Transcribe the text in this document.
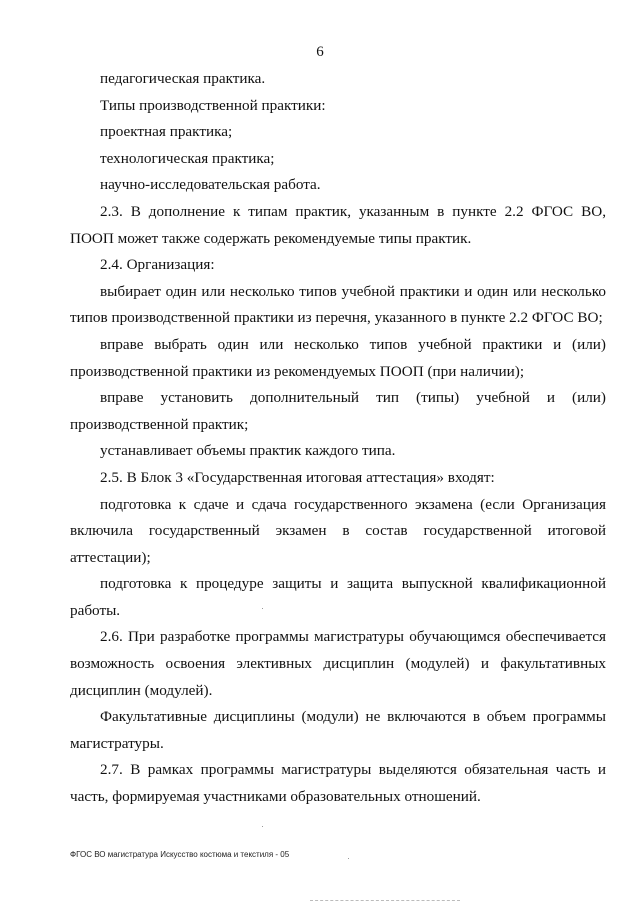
6

педагогическая практика.

Типы производственной практики:

проектная практика;

технологическая практика;

научно-исследовательская работа.

2.3. В дополнение к типам практик, указанным в пункте 2.2 ФГОС ВО, ПООП может также содержать рекомендуемые типы практик.

2.4. Организация:

выбирает один или несколько типов учебной практики и один или несколько типов производственной практики из перечня, указанного в пункте 2.2 ФГОС ВО;

вправе выбрать один или несколько типов учебной практики и (или) производственной практики из рекомендуемых ПООП (при наличии);

вправе установить дополнительный тип (типы) учебной и (или) производственной практик;

устанавливает объемы практик каждого типа.

2.5. В Блок 3 «Государственная итоговая аттестация» входят:

подготовка к сдаче и сдача государственного экзамена (если Организация включила государственный экзамен в состав государственной итоговой аттестации);

подготовка к процедуре защиты и защита выпускной квалификационной работы.

2.6. При разработке программы магистратуры обучающимся обеспечивается возможность освоения элективных дисциплин (модулей) и факультативных дисциплин (модулей).

Факультативные дисциплины (модули) не включаются в объем программы магистратуры.

2.7. В рамках программы магистратуры выделяются обязательная часть и часть, формируемая участниками образовательных отношений.

ФГОС ВО магистратура Искусство костюма и текстиля - 05
